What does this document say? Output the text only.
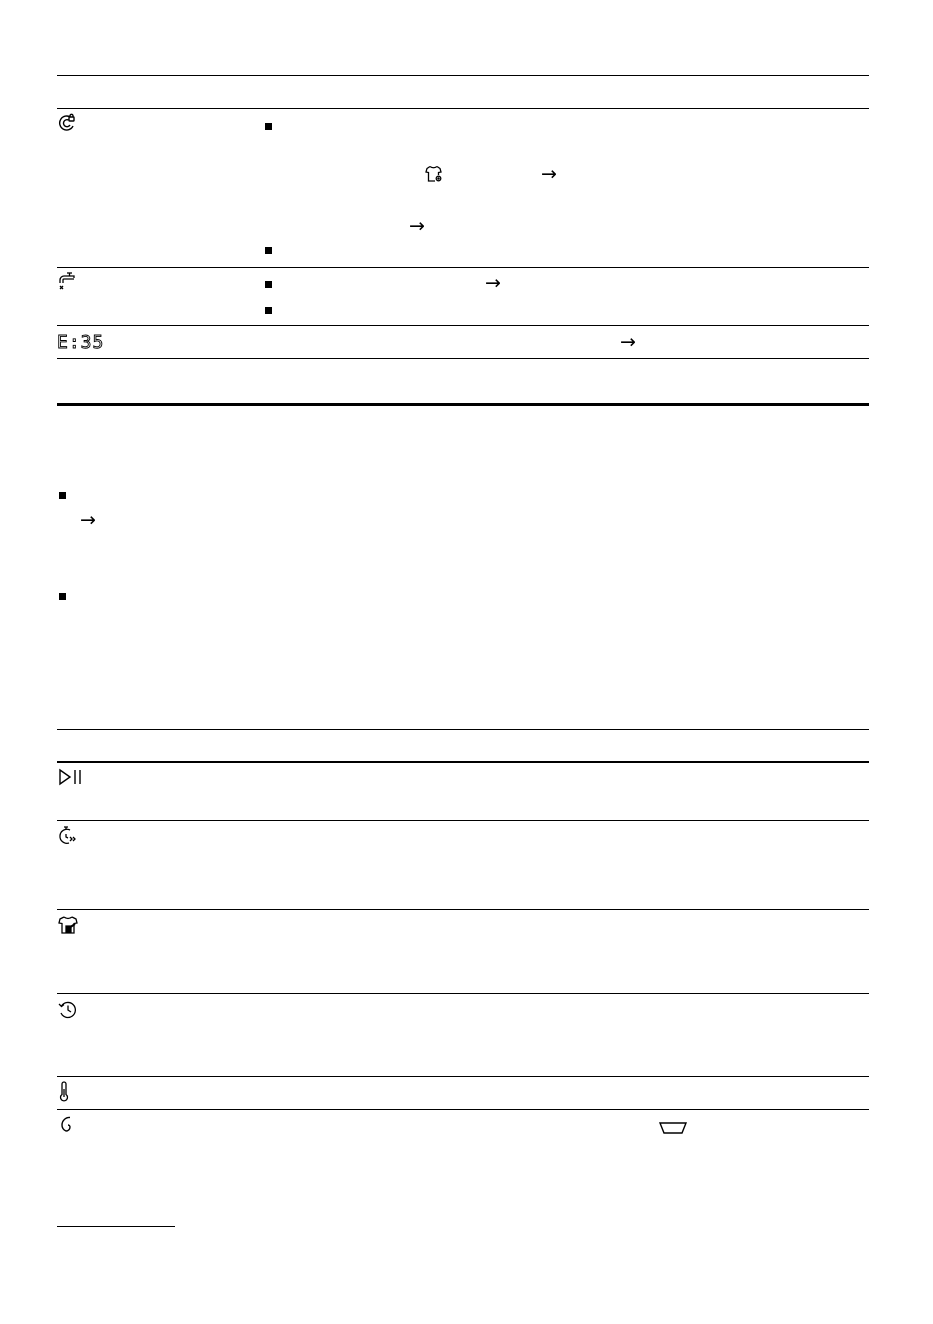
→
→
→
E:35	→
→
